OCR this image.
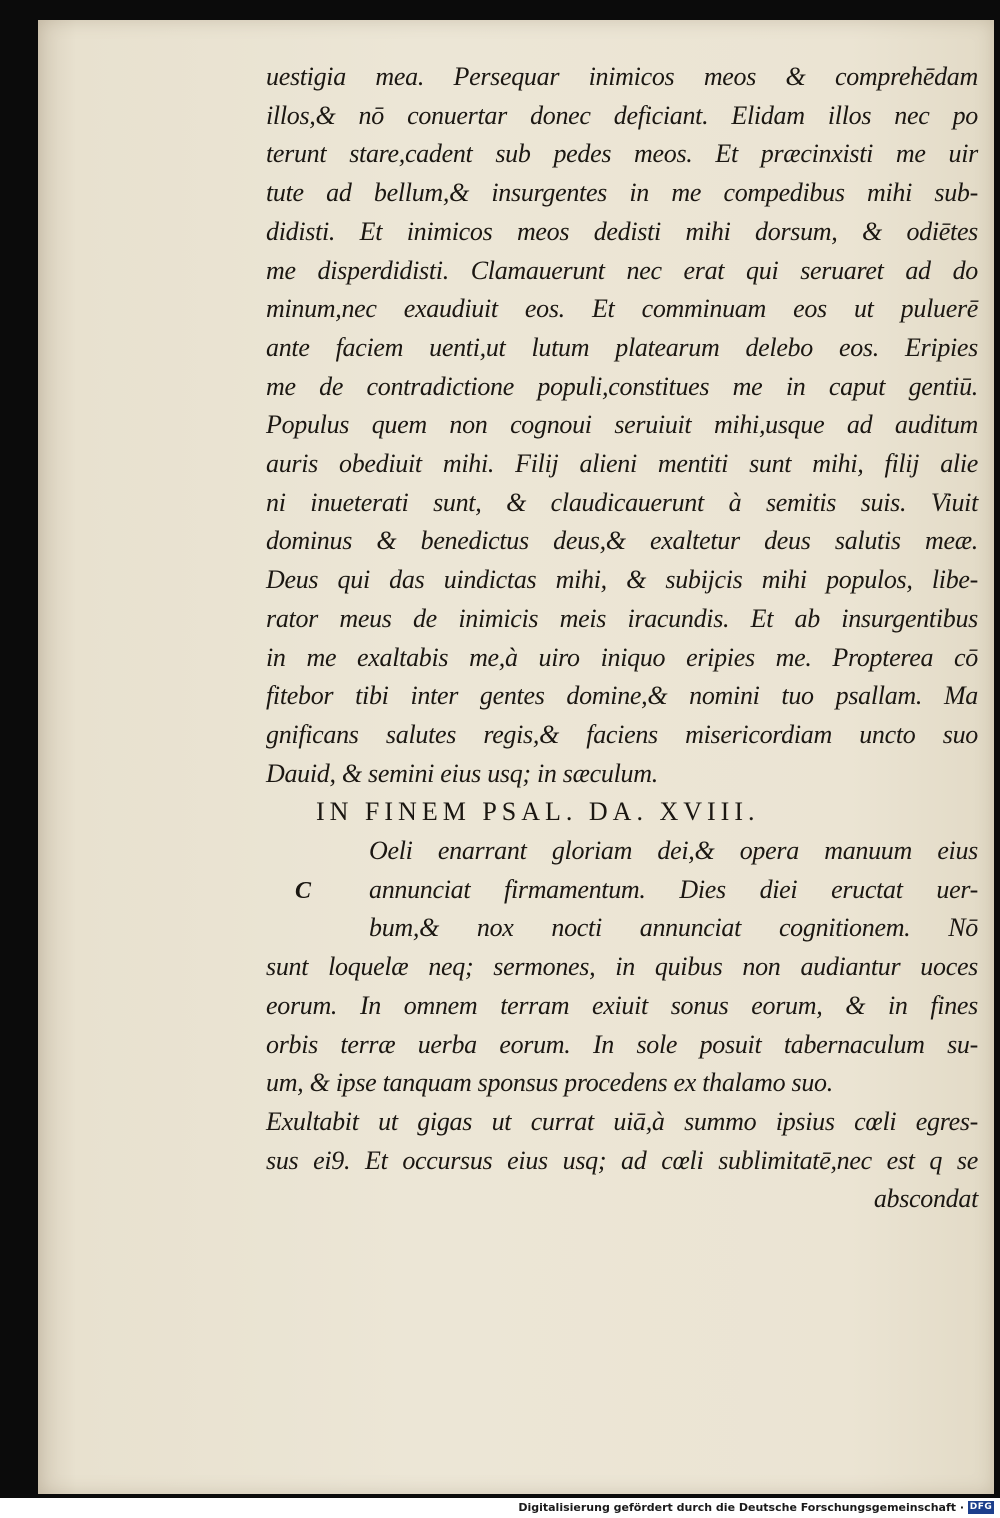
uestigia mea. Persequar inimicos meos & comprehēdam
illos,& nō conuertar donec deficiant. Elidam illos nec po
terunt stare,cadent sub pedes meos. Et præcinxisti me uir
tute ad bellum,& insurgentes in me compedibus mihi sub-
didisti. Et inimicos meos dedisti mihi dorsum, & odiētes
me disperdidisti. Clamauerunt nec erat qui seruaret ad do
minum,nec exaudiuit eos. Et comminuam eos ut puluerē
ante faciem uenti,ut lutum platearum delebo eos. Eripies
me de contradictione populi,constitues me in caput gentiū.
Populus quem non cognoui seruiuit mihi,usque ad auditum
auris obediuit mihi. Filij alieni mentiti sunt mihi, filij alie
ni inueterati sunt, & claudicauerunt à semitis suis. Viuit
dominus & benedictus deus,& exaltetur deus salutis meæ.
Deus qui das uindictas mihi, & subijcis mihi populos, libe-
rator meus de inimicis meis iracundis. Et ab insurgentibus
in me exaltabis me,à uiro iniquo eripies me. Propterea cō
fitebor tibi inter gentes domine,& nomini tuo psallam. Ma
gnificans salutes regis,& faciens misericordiam uncto suo
Dauid, & semini eius usq; in sæculum.
IN FINEM PSAL. DA. XVIII.
Oeli enarrant gloriam dei,& opera manuum eius
annunciat firmamentum. Dies diei eructat uer-
C
bum,& nox nocti annunciat cognitionem. Nō
sunt loquelæ neq; sermones, in quibus non audiantur uoces
eorum. In omnem terram exiuit sonus eorum, & in fines
orbis terræ uerba eorum. In sole posuit tabernaculum su-
um, & ipse tanquam sponsus procedens ex thalamo suo.
Exultabit ut gigas ut currat uiā,à summo ipsius cœli egres-
sus ei9. Et occursus eius usq; ad cœli sublimitatē,nec est q se
abscondat
Digitalisierung gefördert durch die Deutsche Forschungsgemeinschaft · DFG
